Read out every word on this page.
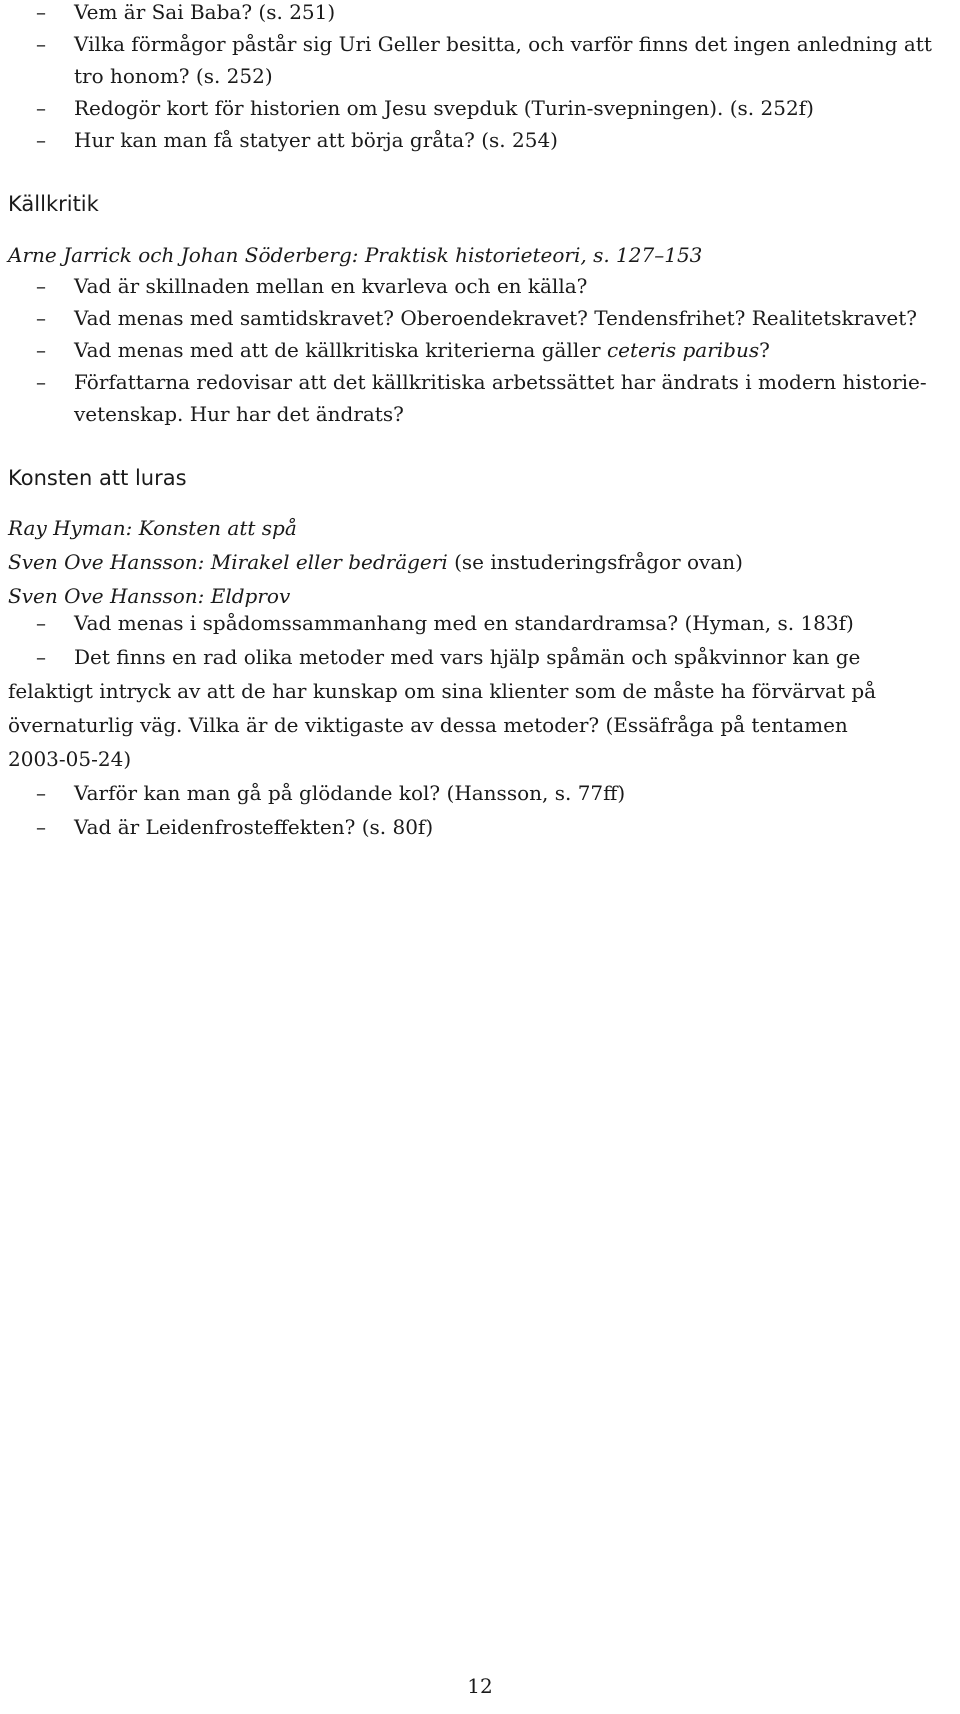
– Vem är Sai Baba? (s. 251)
– Vilka förmågor påstår sig Uri Geller besitta, och varför finns det ingen anledning att tro honom? (s. 252)
– Redogör kort för historien om Jesu svepduk (Turin-svepningen). (s. 252f)
– Hur kan man få statyer att börja gråta? (s. 254)
Källkritik
Arne Jarrick och Johan Söderberg: Praktisk historieteori, s. 127–153
– Vad är skillnaden mellan en kvarleva och en källa?
– Vad menas med samtidskravet? Oberoendekravet? Tendensfrihet? Realitetskravet?
– Vad menas med att de källkritiska kriterierna gäller ceteris paribus?
– Författarna redovisar att det källkritiska arbetssättet har ändrats i modern historievetenskap. Hur har det ändrats?
Konsten att luras
Ray Hyman: Konsten att spå
Sven Ove Hansson: Mirakel eller bedrägeri (se instuderingsfrågor ovan)
Sven Ove Hansson: Eldprov
– Vad menas i spådomssammanhang med en standardramsa? (Hyman, s. 183f)
– Det finns en rad olika metoder med vars hjälp spåmän och spåkvinnor kan ge felaktigt intryck av att de har kunskap om sina klienter som de måste ha förvärvat på övernaturlig väg. Vilka är de viktigaste av dessa metoder? (Essäfråga på tentamen 2003-05-24)
– Varför kan man gå på glödande kol? (Hansson, s. 77ff)
– Vad är Leidenfrosteffekten? (s. 80f)
12
